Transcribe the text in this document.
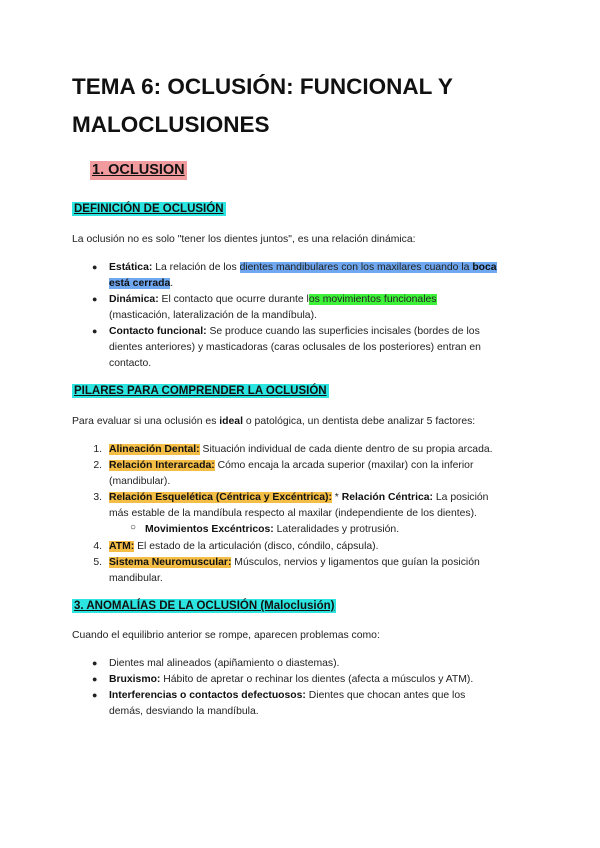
TEMA 6: OCLUSIÓN: FUNCIONAL Y MALOCLUSIONES
1. OCLUSION
DEFINICIÓN DE OCLUSIÓN
La oclusión no es solo "tener los dientes juntos", es una relación dinámica:
● Estática: La relación de los dientes mandibulares con los maxilares cuando la boca
está cerrada.
● Dinámica: El contacto que ocurre durante los movimientos funcionales
(masticación, lateralización de la mandíbula).
● Contacto funcional: Se produce cuando las superficies incisales (bordes de los
dientes anteriores) y masticadoras (caras oclusales de los posteriores) entran en
contacto.
PILARES PARA COMPRENDER LA OCLUSIÓN
Para evaluar si una oclusión es ideal o patológica, un dentista debe analizar 5 factores:
1. Alineación Dental: Situación individual de cada diente dentro de su propia arcada.
2. Relación Interarcada: Cómo encaja la arcada superior (maxilar) con la inferior
(mandibular).
3. Relación Esquelética (Céntrica y Excéntrica): * Relación Céntrica: La posición
más estable de la mandíbula respecto al maxilar (independiente de los dientes).
○ Movimientos Excéntricos: Lateralidades y protrusión.
4. ATM: El estado de la articulación (disco, cóndilo, cápsula).
5. Sistema Neuromuscular: Músculos, nervios y ligamentos que guían la posición
mandibular.
3. ANOMALÍAS DE LA OCLUSIÓN (Maloclusión)
Cuando el equilibrio anterior se rompe, aparecen problemas como:
● Dientes mal alineados (apiñamiento o diastemas).
● Bruxismo: Hábito de apretar o rechinar los dientes (afecta a músculos y ATM).
● Interferencias o contactos defectuosos: Dientes que chocan antes que los
demás, desviando la mandíbula.
